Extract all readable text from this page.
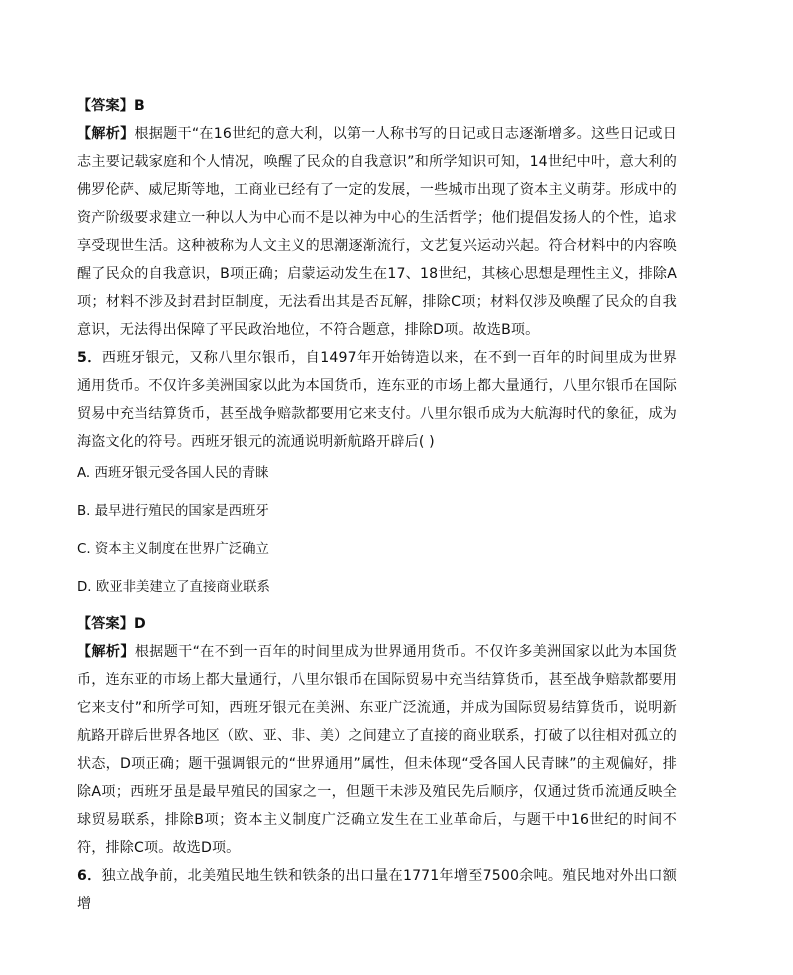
【答案】B

【解析】根据题干“在16世纪的意大利，以第一人称书写的日记或日志逐渐增多。这些日记或日志主要记载家庭和个人情况，唤醒了民众的自我意识”和所学知识可知，14世纪中叶，意大利的佛罗伦萨、威尼斯等地，工商业已经有了一定的发展，一些城市出现了资本主义萌芽。形成中的资产阶级要求建立一种以人为中心而不是以神为中心的生活哲学；他们提倡发扬人的个性，追求享受现世生活。这种被称为人文主义的思潮逐渐流行，文艺复兴运动兴起。符合材料中的内容唤醒了民众的自我意识，B项正确；启蒙运动发生在17、18世纪，其核心思想是理性主义，排除A项；材料不涉及封君封臣制度，无法看出其是否瓦解，排除C项；材料仅涉及唤醒了民众的自我意识，无法得出保障了平民政治地位，不符合题意，排除D项。故选B项。

5．西班牙银元，又称八里尔银币，自1497年开始铸造以来，在不到一百年的时间里成为世界通用货币。不仅许多美洲国家以此为本国货币，连东亚的市场上都大量通行，八里尔银币在国际贸易中充当结算货币，甚至战争赔款都要用它来支付。八里尔银币成为大航海时代的象征，成为海盗文化的符号。西班牙银元的流通说明新航路开辟后( )

A. 西班牙银元受各国人民的青睐

B. 最早进行殖民的国家是西班牙

C. 资本主义制度在世界广泛确立

D. 欧亚非美建立了直接商业联系

【答案】D

【解析】根据题干“在不到一百年的时间里成为世界通用货币。不仅许多美洲国家以此为本国货币，连东亚的市场上都大量通行，八里尔银币在国际贸易中充当结算货币，甚至战争赔款都要用它来支付”和所学可知，西班牙银元在美洲、东亚广泛流通，并成为国际贸易结算货币，说明新航路开辟后世界各地区（欧、亚、非、美）之间建立了直接的商业联系，打破了以往相对孤立的状态，D项正确；题干强调银元的“世界通用”属性，但未体现“受各国人民青睐”的主观偏好，排除A项；西班牙虽是最早殖民的国家之一，但题干未涉及殖民先后顺序，仅通过货币流通反映全球贸易联系，排除B项；资本主义制度广泛确立发生在工业革命后，与题干中16世纪的时间不符，排除C项。故选D项。

6．独立战争前，北美殖民地生铁和铁条的出口量在1771年增至7500余吨。殖民地对外出口额增
